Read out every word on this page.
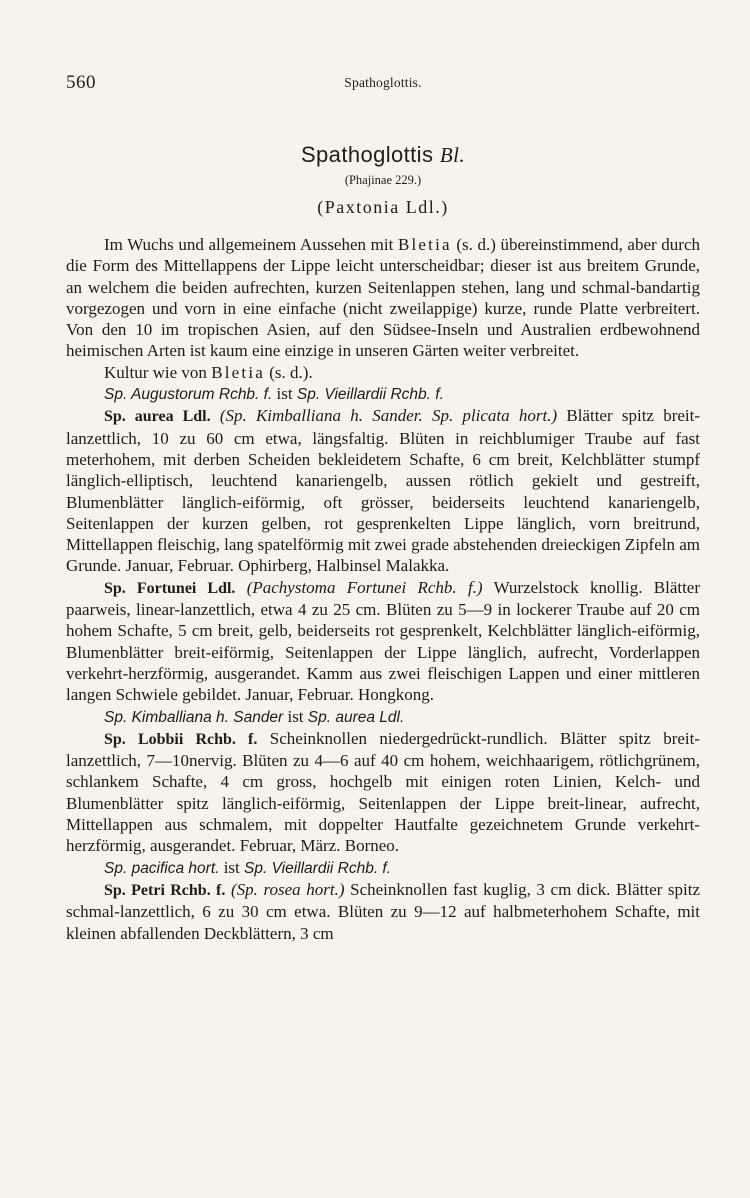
560	Spathoglottis.
Spathoglottis Bl.
(Phajinae 229.)
(Paxtonia Ldl.)

Im Wuchs und allgemeinem Aussehen mit Bletia (s. d.) übereinstimmend, aber durch die Form des Mittellappens der Lippe leicht unterscheidbar; dieser ist aus breitem Grunde, an welchem die beiden aufrechten, kurzen Seitenlappen stehen, lang und schmal-bandartig vorgezogen und vorn in eine einfache (nicht zweilappige) kurze, runde Platte verbreitert. Von den 10 im tropischen Asien, auf den Südsee-Inseln und Australien erdbewohnend heimischen Arten ist kaum eine einzige in unseren Gärten weiter verbreitet.

Kultur wie von Bletia (s. d.).

Sp. Augustorum Rchb. f. ist Sp. Vieillardii Rchb. f.

Sp. aurea Ldl. (Sp. Kimballiana h. Sander. Sp. plicata hort.) Blätter spitz breit-lanzettlich, 10 zu 60 cm etwa, längsfaltig. Blüten in reichblumiger Traube auf fast meterhohem, mit derben Scheiden bekleidetem Schafte, 6 cm breit, Kelchblätter stumpf länglich-elliptisch, leuchtend kanariengelb, aussen rötlich gekielt und gestreift, Blumenblätter länglich-eiförmig, oft grösser, beiderseits leuchtend kanariengelb, Seitenlappen der kurzen gelben, rot gesprenkelten Lippe länglich, vorn breitrund, Mittellappen fleischig, lang spatelförmig mit zwei grade abstehenden dreieckigen Zipfeln am Grunde. Januar, Februar. Ophirberg, Halbinsel Malakka.

Sp. Fortunei Ldl. (Pachystoma Fortunei Rchb. f.) Wurzelstock knollig. Blätter paarweis, linear-lanzettlich, etwa 4 zu 25 cm. Blüten zu 5—9 in lockerer Traube auf 20 cm hohem Schafte, 5 cm breit, gelb, beiderseits rot gesprenkelt, Kelchblätter länglich-eiförmig, Blumenblätter breit-eiförmig, Seitenlappen der Lippe länglich, aufrecht, Vorderlappen verkehrt-herzförmig, ausgerandet. Kamm aus zwei fleischigen Lappen und einer mittleren langen Schwiele gebildet. Januar, Februar. Hongkong.

Sp. Kimballiana h. Sander ist Sp. aurea Ldl.

Sp. Lobbii Rchb. f. Scheinknollen niedergedrückt-rundlich. Blätter spitz breit-lanzettlich, 7—10nervig. Blüten zu 4—6 auf 40 cm hohem, weichhaarigem, rötlichgrünem, schlankem Schafte, 4 cm gross, hochgelb mit einigen roten Linien, Kelch- und Blumenblätter spitz länglich-eiförmig, Seitenlappen der Lippe breit-linear, aufrecht, Mittellappen aus schmalem, mit doppelter Hautfalte gezeichnetem Grunde verkehrt-herzförmig, ausgerandet. Februar, März. Borneo.

Sp. pacifica hort. ist Sp. Vieillardii Rchb. f.

Sp. Petri Rchb. f. (Sp. rosea hort.) Scheinknollen fast kuglig, 3 cm dick. Blätter spitz schmal-lanzettlich, 6 zu 30 cm etwa. Blüten zu 9—12 auf halbmeterhohem Schafte, mit kleinen abfallenden Deckblättern, 3 cm
